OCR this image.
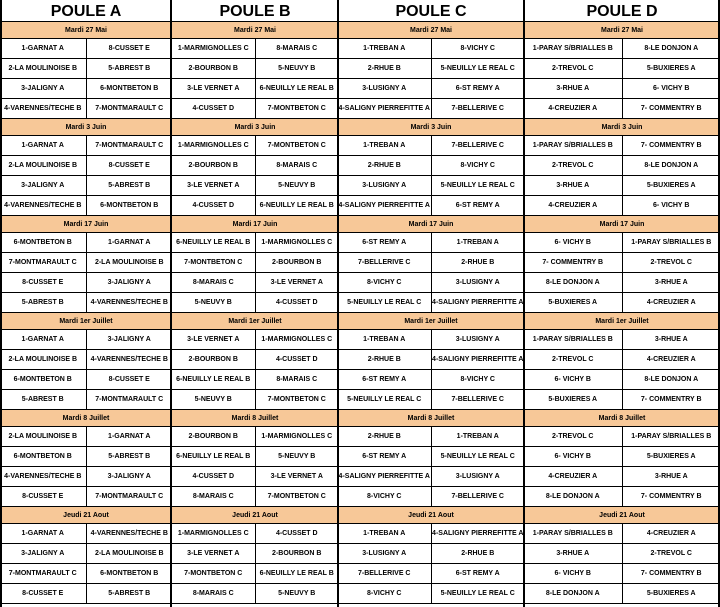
POULE A
Mardi 27 Mai
1-GARNAT A	8-CUSSET E
2-LA MOULINOISE B	5-ABREST B
3-JALIGNY A	6-MONTBETON B
4-VARENNES/TECHE B	7-MONTMARAULT C
Mardi 3 Juin
1-GARNAT A	7-MONTMARAULT C
2-LA MOULINOISE B	8-CUSSET E
3-JALIGNY A	5-ABREST B
4-VARENNES/TECHE B	6-MONTBETON B
Mardi 17 Juin
6-MONTBETON B	1-GARNAT A
7-MONTMARAULT C	2-LA MOULINOISE B
8-CUSSET E	3-JALIGNY A
5-ABREST B	4-VARENNES/TECHE B
Mardi 1er Juillet
1-GARNAT A	3-JALIGNY A
2-LA MOULINOISE B	4-VARENNES/TECHE B
6-MONTBETON B	8-CUSSET E
5-ABREST B	7-MONTMARAULT C
Mardi 8 Juillet
2-LA MOULINOISE B	1-GARNAT A
6-MONTBETON B	5-ABREST B
4-VARENNES/TECHE B	3-JALIGNY A
8-CUSSET E	7-MONTMARAULT C
Jeudi 21 Aout
1-GARNAT A	4-VARENNES/TECHE B
3-JALIGNY A	2-LA MOULINOISE B
7-MONTMARAULT C	6-MONTBETON B
8-CUSSET E	5-ABREST B
POULE B
Mardi 27 Mai
1-MARMIGNOLLES C	8-MARAIS C
2-BOURBON B	5-NEUVY B
3-LE VERNET A	6-NEUILLY LE REAL B
4-CUSSET D	7-MONTBETON C
Mardi 3 Juin
1-MARMIGNOLLES C	7-MONTBETON C
2-BOURBON B	8-MARAIS C
3-LE VERNET A	5-NEUVY B
4-CUSSET D	6-NEUILLY LE REAL B
Mardi 17 Juin
6-NEUILLY LE REAL B	1-MARMIGNOLLES C
7-MONTBETON C	2-BOURBON B
8-MARAIS C	3-LE VERNET A
5-NEUVY B	4-CUSSET D
Mardi 1er Juillet
3-LE VERNET A	1-MARMIGNOLLES C
2-BOURBON B	4-CUSSET D
6-NEUILLY LE REAL B	8-MARAIS C
5-NEUVY B	7-MONTBETON C
Mardi 8 Juillet
2-BOURBON B	1-MARMIGNOLLES C
6-NEUILLY LE REAL B	5-NEUVY B
4-CUSSET D	3-LE VERNET A
8-MARAIS C	7-MONTBETON C
Jeudi 21 Aout
1-MARMIGNOLLES C	4-CUSSET D
3-LE VERNET A	2-BOURBON B
7-MONTBETON C	6-NEUILLY LE REAL B
8-MARAIS C	5-NEUVY B
POULE C
Mardi 27 Mai
1-TREBAN A	8-VICHY C
2-RHUE B	5-NEUILLY LE REAL C
3-LUSIGNY A	6-ST REMY A
4-SALIGNY PIERREFITTE A	7-BELLERIVE C
Mardi 3 Juin
1-TREBAN A	7-BELLERIVE C
2-RHUE B	8-VICHY C
3-LUSIGNY A	5-NEUILLY LE REAL C
4-SALIGNY PIERREFITTE A	6-ST REMY A
Mardi 17 Juin
6-ST REMY A	1-TREBAN A
7-BELLERIVE C	2-RHUE B
8-VICHY C	3-LUSIGNY A
5-NEUILLY LE REAL C	4-SALIGNY PIERREFITTE A
Mardi 1er Juillet
1-TREBAN A	3-LUSIGNY A
2-RHUE B	4-SALIGNY PIERREFITTE A
6-ST REMY A	8-VICHY C
5-NEUILLY LE REAL C	7-BELLERIVE C
Mardi 8 Juillet
2-RHUE B	1-TREBAN A
6-ST REMY A	5-NEUILLY LE REAL C
4-SALIGNY PIERREFITTE A	3-LUSIGNY A
8-VICHY C	7-BELLERIVE C
Jeudi 21 Aout
1-TREBAN A	4-SALIGNY PIERREFITTE A
3-LUSIGNY A	2-RHUE B
7-BELLERIVE C	6-ST REMY A
8-VICHY C	5-NEUILLY LE REAL C
POULE D
Mardi 27 Mai
1-PARAY S/BRIALLES B	8-LE DONJON A
2-TREVOL C	5-BUXIERES A
3-RHUE A	6- VICHY B
4-CREUZIER A	7- COMMENTRY B
Mardi 3 Juin
1-PARAY S/BRIALLES B	7- COMMENTRY B
2-TREVOL C	8-LE DONJON A
3-RHUE A	5-BUXIERES A
4-CREUZIER A	6- VICHY B
Mardi 17 Juin
6- VICHY B	1-PARAY S/BRIALLES B
7- COMMENTRY B	2-TREVOL C
8-LE DONJON A	3-RHUE A
5-BUXIERES A	4-CREUZIER A
Mardi 1er Juillet
1-PARAY S/BRIALLES B	3-RHUE A
2-TREVOL C	4-CREUZIER A
6- VICHY B	8-LE DONJON A
5-BUXIERES A	7- COMMENTRY B
Mardi 8 Juillet
2-TREVOL C	1-PARAY S/BRIALLES B
6- VICHY B	5-BUXIERES A
4-CREUZIER A	3-RHUE A
8-LE DONJON A	7- COMMENTRY B
Jeudi 21 Aout
1-PARAY S/BRIALLES B	4-CREUZIER A
3-RHUE A	2-TREVOL C
6- VICHY B	7- COMMENTRY B
8-LE DONJON A	5-BUXIERES A
